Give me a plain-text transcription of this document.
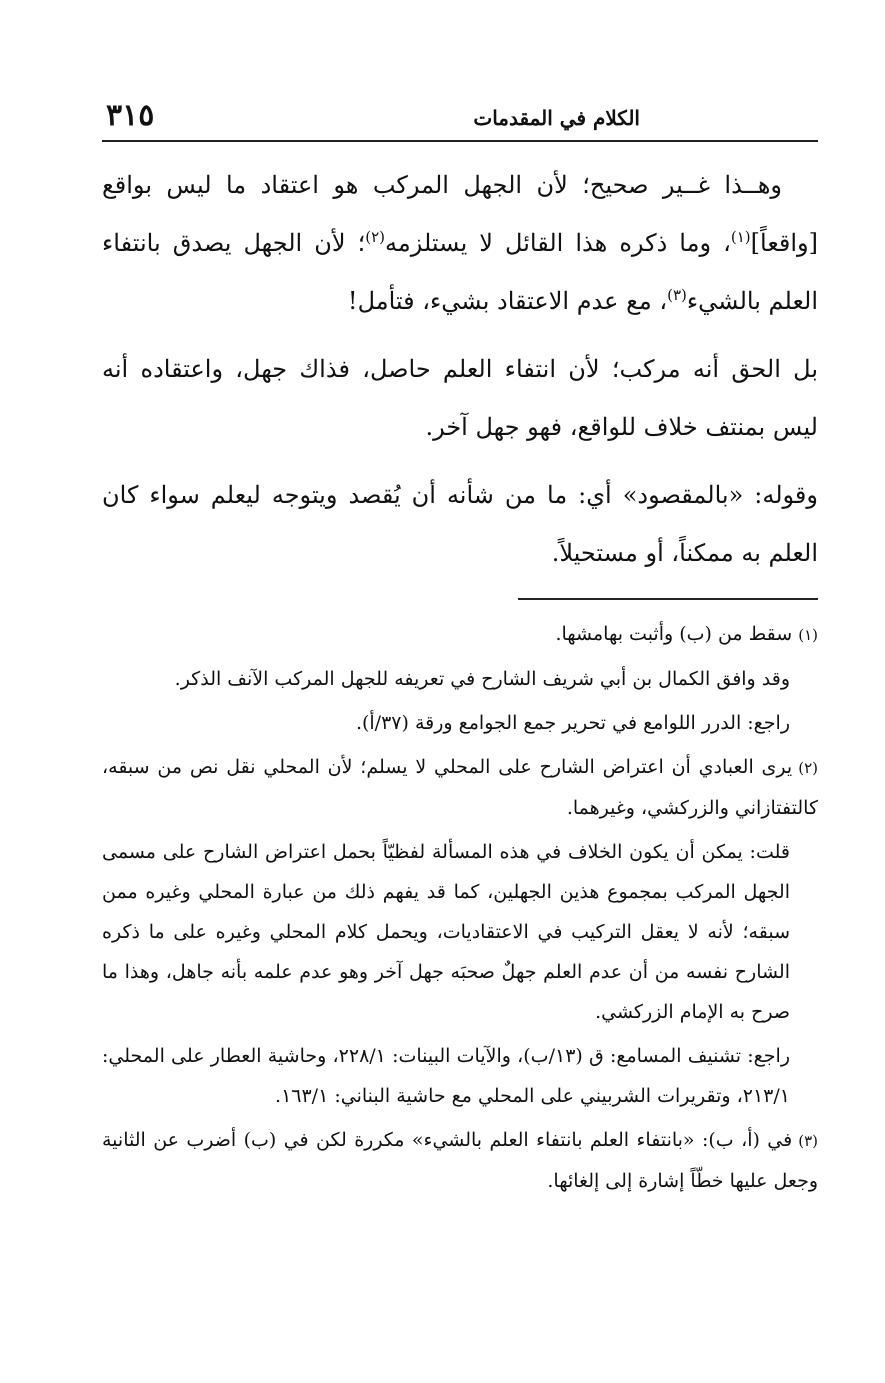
٣١٥	الكلام في المقدمات

وهــذا غــير صحيح؛ لأن الجهل المركب هو اعتقاد ما ليس بواقع [واقعاً]$^{(١)}$، وما ذكره هذا القائل لا يستلزمه$^{(٢)}$؛ لأن الجهل يصدق بانتفاء العلم بالشيء$^{(٣)}$، مع عدم الاعتقاد بشيء، فتأمل!

بل الحق أنه مركب؛ لأن انتفاء العلم حاصل، فذاك جهل، واعتقاده أنه ليس بمنتف خلاف للواقع، فهو جهل آخر.

وقوله: «بالمقصود» أي: ما من شأنه أن يُقصد ويتوجه ليعلم سواء كان العلم به ممكناً، أو مستحيلاً.

(١)سقط من (ب) وأثبت بهامشها.
وقد وافق الكمال بن أبي شريف الشارح في تعريفه للجهل المركب الآنف الذكر.
راجع: الدرر اللوامع في تحرير جمع الجوامع ورقة (٣٧/أ).
(٢)يرى العبادي أن اعتراض الشارح على المحلي لا يسلم؛ لأن المحلي نقل نص من سبقه، كالتفتازاني والزركشي، وغيرهما.
قلت: يمكن أن يكون الخلاف في هذه المسألة لفظيّاً بحمل اعتراض الشارح على مسمى الجهل المركب بمجموع هذين الجهلين، كما قد يفهم ذلك من عبارة المحلي وغيره ممن سبقه؛ لأنه لا يعقل التركيب في الاعتقاديات، ويحمل كلام المحلي وغيره على ما ذكره الشارح نفسه من أن عدم العلم جهلٌ صحبَه جهل آخر وهو عدم علمه بأنه جاهل، وهذا ما صرح به الإمام الزركشي.
راجع: تشنيف المسامع: ق (١٣/ب)، والآيات البينات: ٢٢٨/١، وحاشية العطار على المحلي: ٢١٣/١، وتقريرات الشربيني على المحلي مع حاشية البناني: ١٦٣/١.
(٣)في (أ، ب): «بانتفاء العلم بانتفاء العلم بالشيء» مكررة لكن في (ب) أضرب عن الثانية وجعل عليها خطّاً إشارة إلى إلغائها.
